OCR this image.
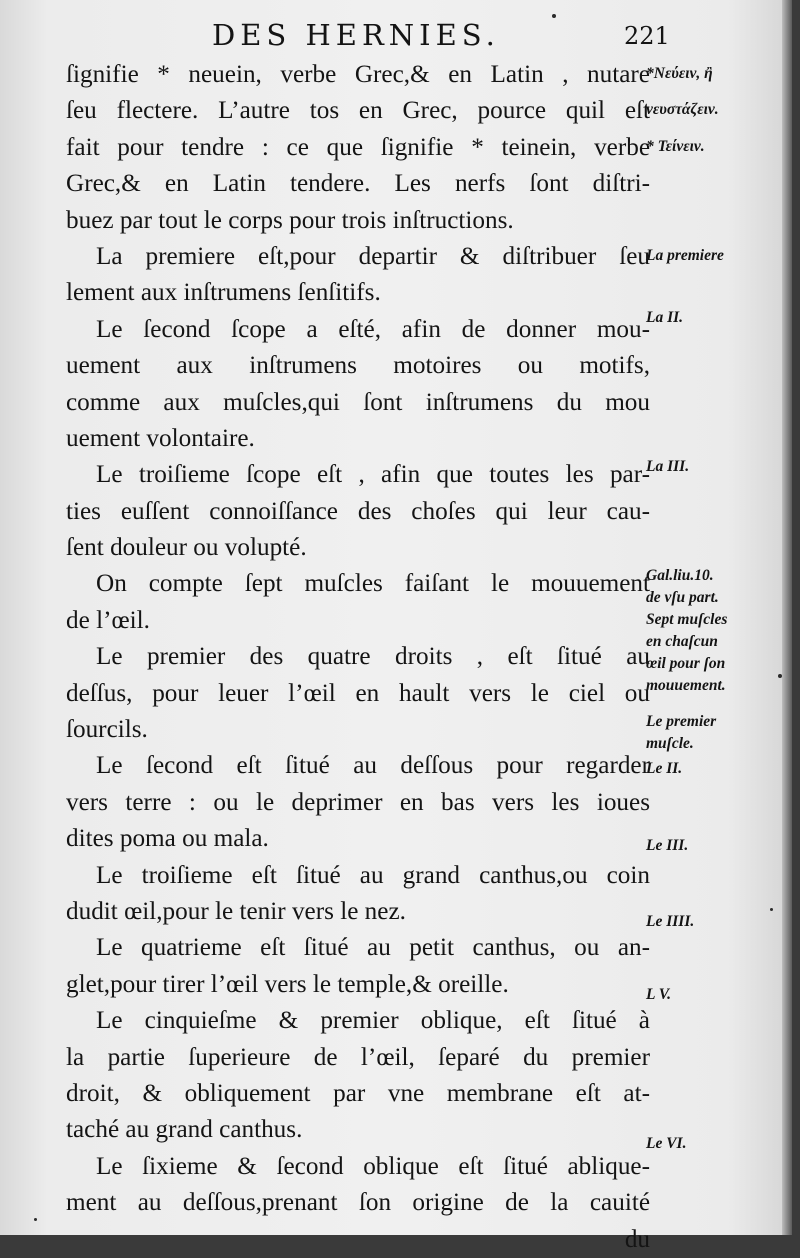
DES HERNIES.	221
ſignifie * neuein, verbe Grec,& en Latin , nutare
ſeu flectere. L’autre tos en Grec, pource quil eſt
fait pour tendre : ce que ſignifie * teinein, verbe
Grec,& en Latin tendere. Les nerfs ſont diſtri-
buez par tout le corps pour trois inſtructions.
La premiere eſt,pour departir & diſtribuer ſeu
lement aux inſtrumens ſenſitifs.
Le ſecond ſcope a eſté, afin de donner mou-
uement aux inſtrumens motoires ou motifs,
comme aux muſcles,qui ſont inſtrumens du mou
uement volontaire.
Le troiſieme ſcope eſt , afin que toutes les par-
ties euſſent connoiſſance des choſes qui leur cau-
ſent douleur ou volupté.
On compte ſept muſcles faiſant le mouuement
de l’œil.
Le premier des quatre droits , eſt ſitué au
deſſus, pour leuer l’œil en hault vers le ciel ou
ſourcils.
Le ſecond eſt ſitué au deſſous pour regarder
vers terre : ou le deprimer en bas vers les ioues
dites poma ou mala.
Le troiſieme eſt ſitué au grand canthus,ou coin
dudit œil,pour le tenir vers le nez.
Le quatrieme eſt ſitué au petit canthus, ou an-
glet,pour tirer l’œil vers le temple,& oreille.
Le cinquieſme & premier oblique, eſt ſitué à
la partie ſuperieure de l’œil, ſeparé du premier
droit, & obliquement par vne membrane eſt at-
taché au grand canthus.
Le ſixieme & ſecond oblique eſt ſitué ablique-
ment au deſſous,prenant ſon origine de la cauité
du
*Νεύειν, ἢ
νευστάζειν.
* Τείνειν.
La premiere
La II.
La III.
Gal.liu.10.
de vſu part.
Sept muſcles
en chaſcun
œil pour ſon
mouuement.
Le premier
muſcle.
Le II.
Le III.
Le IIII.
L V.
Le VI.
